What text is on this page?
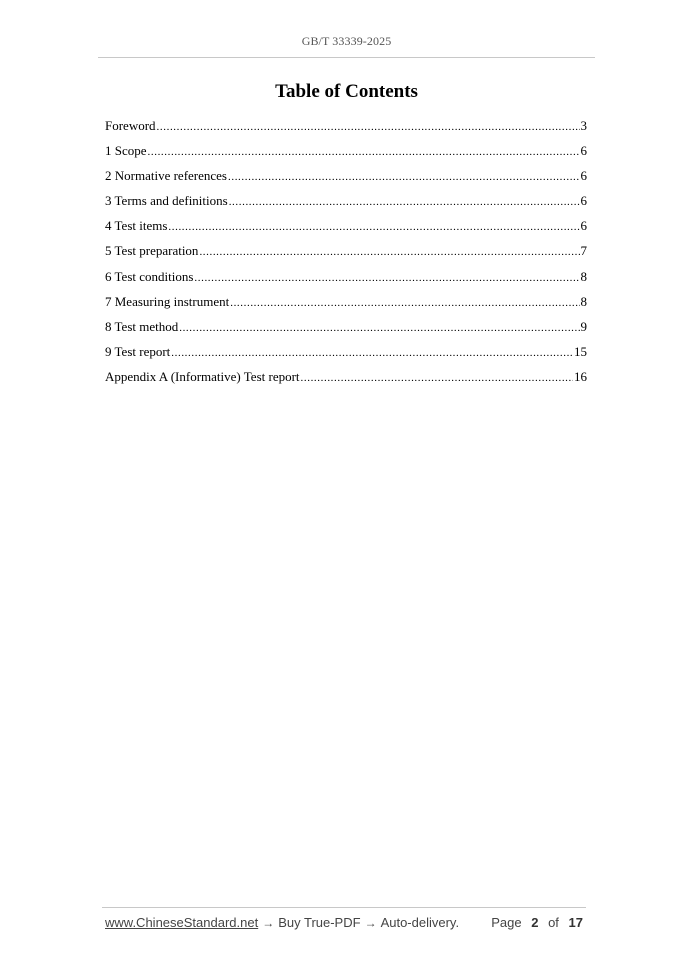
GB/T 33339-2025
Table of Contents
Foreword .....	3
1 Scope .....	6
2 Normative references .....	6
3 Terms and definitions .....	6
4 Test items .....	6
5 Test preparation .....	7
6 Test conditions .....	8
7 Measuring instrument .....	8
8 Test method .....	9
9 Test report .....	15
Appendix A (Informative) Test report .....	16
www.ChineseStandard.net → Buy True-PDF → Auto-delivery. Page 2 of 17
